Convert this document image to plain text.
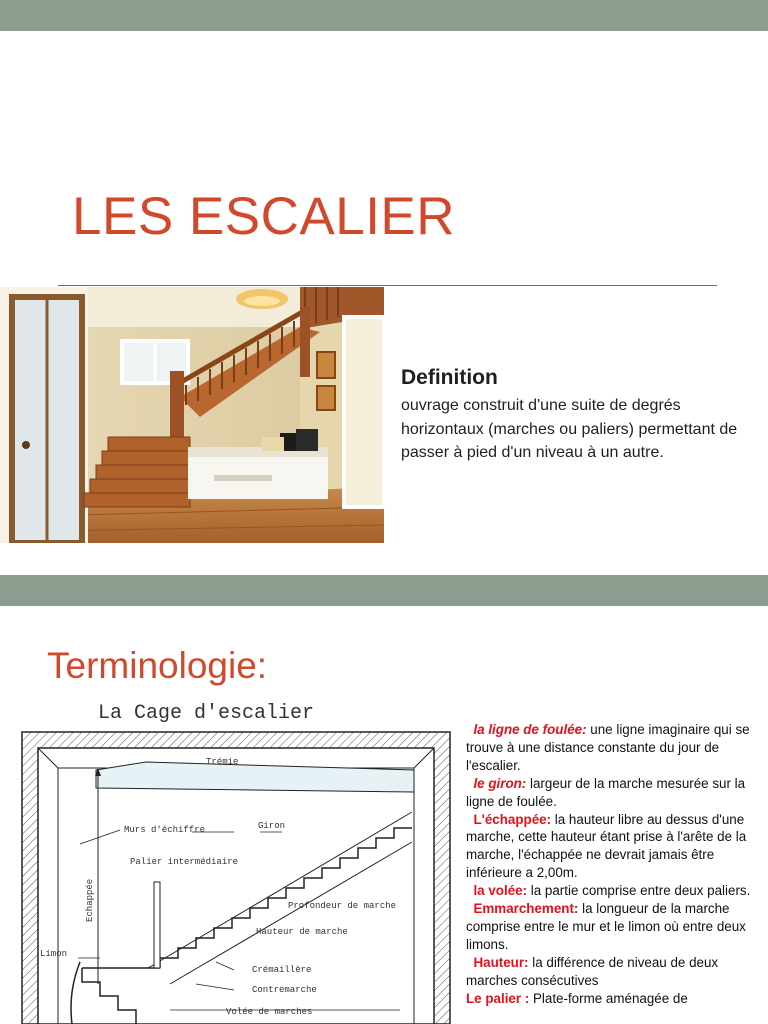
LES ESCALIER
Definition

ouvrage construit d'une suite de degrés horizontaux (marches ou paliers) permettant de passer à pied d'un niveau à un autre.

Terminologie:
La Cage d'escalier
Trémie
Murs d'échiffre	Giron
Palier intermédiaire
Echappée	Profondeur de marche
Hauteur de marche
Limon
Crémaillère
Contremarche
Volée de marches

la ligne de foulée: une ligne imaginaire qui se trouve à une distance constante du jour de l'escalier.

le giron: largeur de la marche mesurée sur la ligne de foulée.

L'échappée: la hauteur libre au dessus d'une marche, cette hauteur étant prise à l'arête de la marche, l'échappée ne devrait jamais être inférieure a 2,00m.

la volée: la partie comprise entre deux paliers.

Emmarchement: la longueur de la marche comprise entre le mur et le limon où entre deux limons.

Hauteur: la différence de niveau de deux marches consécutives

Le palier : Plate-forme aménagée de
